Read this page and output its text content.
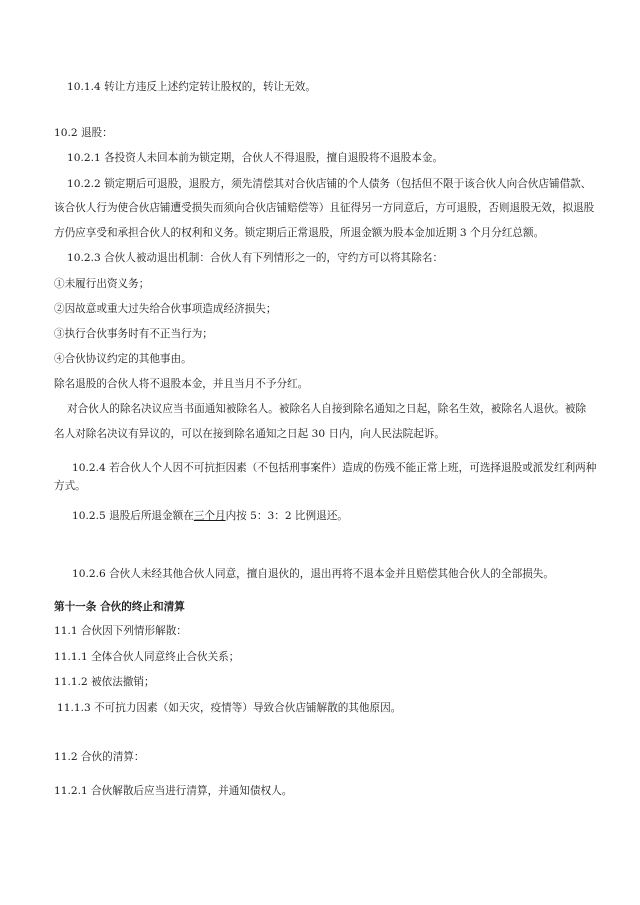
10.1.4 转让方违反上述约定转让股权的，转让无效。
10.2 退股：
10.2.1 各投资人未回本前为锁定期，合伙人不得退股，擅自退股将不退股本金。
10.2.2 锁定期后可退股，退股方，须先清偿其对合伙店铺的个人债务（包括但不限于该合伙人向合伙店铺借款、
该合伙人行为使合伙店铺遭受损失而须向合伙店铺赔偿等）且征得另一方同意后，方可退股，否则退股无效，拟退股
方仍应享受和承担合伙人的权利和义务。锁定期后正常退股，所退金额为股本金加近期 3 个月分红总额。
10.2.3 合伙人被动退出机制：合伙人有下列情形之一的，守约方可以将其除名：
①未履行出资义务；
②因故意或重大过失给合伙事项造成经济损失；
③执行合伙事务时有不正当行为；
④合伙协议约定的其他事由。
除名退股的合伙人将不退股本金，并且当月不予分红。
对合伙人的除名决议应当书面通知被除名人。被除名人自接到除名通知之日起，除名生效，被除名人退伙。被除
名人对除名决议有异议的，可以在接到除名通知之日起 30 日内，向人民法院起诉。
10.2.4 若合伙人个人因不可抗拒因素（不包括刑事案件）造成的伤残不能正常上班，可选择退股或派发红利两种
方式。
10.2.5 退股后所退金额在三个月内按 5：3：2 比例退还。
10.2.6 合伙人未经其他合伙人同意，擅自退伙的，退出再将不退本金并且赔偿其他合伙人的全部损失。
第十一条 合伙的终止和清算
11.1 合伙因下列情形解散：
11.1.1 全体合伙人同意终止合伙关系；
11.1.2 被依法撤销；
11.1.3 不可抗力因素（如天灾，疫情等）导致合伙店铺解散的其他原因。
11.2 合伙的清算：
11.2.1 合伙解散后应当进行清算，并通知债权人。
